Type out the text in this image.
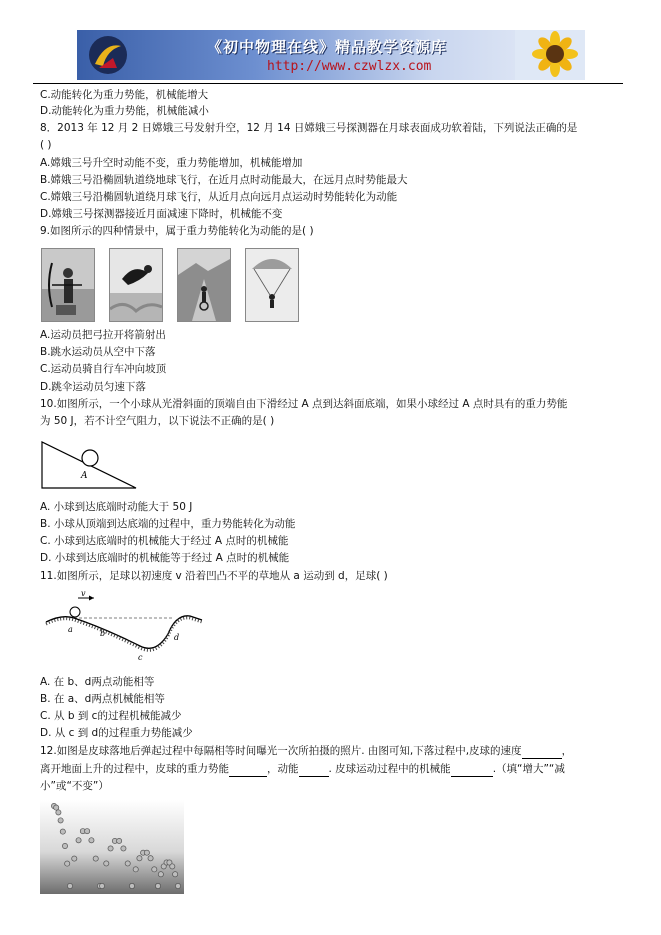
《初中物理在线》精品教学资源库
http://www.czwlzx.com
C.动能转化为重力势能，机械能增大
D.动能转化为重力势能，机械能减小
8．2013 年 12 月 2 日嫦娥三号发射升空，12 月 14 日嫦娥三号探测器在月球表面成功软着陆，下列说法正确的是
( )
A.嫦娥三号升空时动能不变，重力势能增加，机械能增加
B.嫦娥三号沿椭圆轨道绕地球飞行，在近月点时动能最大，在远月点时势能最大
C.嫦娥三号沿椭圆轨道绕月球飞行，从近月点向远月点运动时势能转化为动能
D.嫦娥三号探测器接近月面减速下降时，机械能不变
9.如图所示的四种情景中，属于重力势能转化为动能的是( )
A.运动员把弓拉开将箭射出
B.跳水运动员从空中下落
C.运动员骑自行车冲向坡顶
D.跳伞运动员匀速下落
10.如图所示，一个小球从光滑斜面的顶端自由下滑经过 A 点到达斜面底端，如果小球经过 A 点时具有的重力势能
为 50 J，若不计空气阻力，以下说法不正确的是( )
A
A. 小球到达底端时动能大于 50 J
B. 小球从顶端到达底端的过程中，重力势能转化为动能
C. 小球到达底端时的机械能大于经过 A 点时的机械能
D. 小球到达底端时的机械能等于经过 A 点时的机械能
11.如图所示，足球以初速度 v 沿着凹凸不平的草地从 a 运动到 d，足球( )
v
a	b
c
d
A. 在 b、d两点动能相等
B. 在 a、d两点机械能相等
C. 从 b 到 c的过程机械能减少
D. 从 c 到 d的过程重力势能减少
12.如图是皮球落地后弹起过程中每隔相等时间曝光一次所拍摄的照片. 由图可知,下落过程中,皮球的速度	，
离开地面上升的过程中，皮球的重力势能	，动能	. 皮球运动过程中的机械能	.（填“增大”“减
小”或“不变”）
